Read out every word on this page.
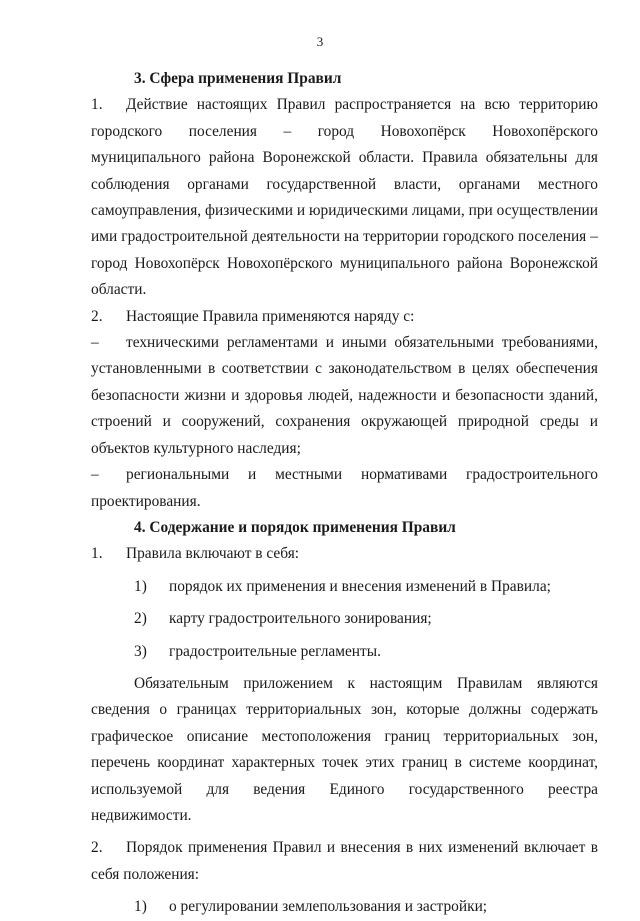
3

3. Сфера применения Правил

1. Действие настоящих Правил распространяется на всю территорию городского поселения – город Новохопёрск Новохопёрского муниципального района Воронежской области. Правила обязательны для соблюдения органами государственной власти, органами местного самоуправления, физическими и юридическими лицами, при осуществлении ими градостроительной деятельности на территории городского поселения – город Новохопёрск Новохопёрского муниципального района Воронежской области.

2. Настоящие Правила применяются наряду с:

– техническими регламентами и иными обязательными требованиями, установленными в соответствии с законодательством в целях обеспечения безопасности жизни и здоровья людей, надежности и безопасности зданий, строений и сооружений, сохранения окружающей природной среды и объектов культурного наследия;

– региональными и местными нормативами градостроительного проектирования.

4. Содержание и порядок применения Правил

1. Правила включают в себя:

1) порядок их применения и внесения изменений в Правила;

2) карту градостроительного зонирования;

3) градостроительные регламенты.

Обязательным приложением к настоящим Правилам являются сведения о границах территориальных зон, которые должны содержать графическое описание местоположения границ территориальных зон, перечень координат характерных точек этих границ в системе координат, используемой для ведения Единого государственного реестра недвижимости.

2. Порядок применения Правил и внесения в них изменений включает в себя положения:

1) о регулировании землепользования и застройки;
